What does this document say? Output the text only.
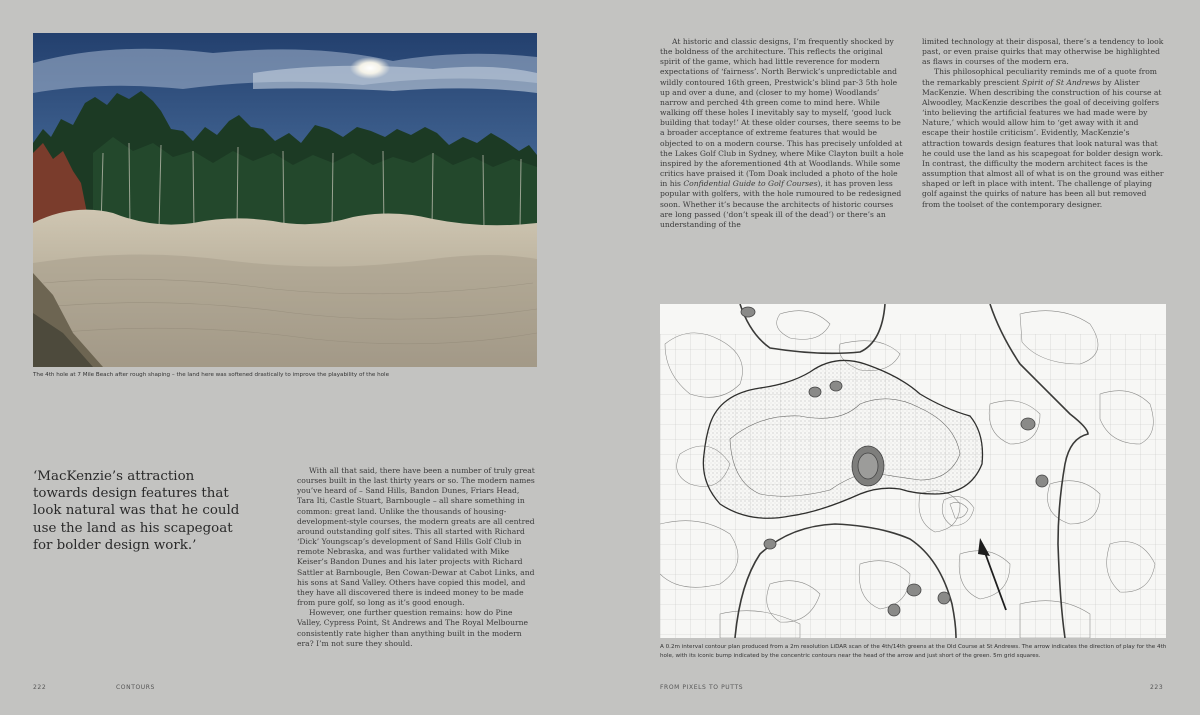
The 4th hole at 7 Mile Beach after rough shaping – the land here was softened drastically to improve the playability of the hole
‘MacKenzie’s attraction towards design features that look natural was that he could use the land as his scapegoat for bolder design work.’

With all that said, there have been a number of truly great courses built in the last thirty years or so. The modern names you’ve heard of – Sand Hills, Bandon Dunes, Friars Head, Tara Iti, Castle Stuart, Barnbougle – all share something in common: great land. Unlike the thousands of housing-development-style courses, the modern greats are all centred around outstanding golf sites. This all started with Richard ‘Dick’ Youngscap’s development of Sand Hills Golf Club in remote Nebraska, and was further validated with Mike Keiser’s Bandon Dunes and his later projects with Richard Sattler at Barnbougle, Ben Cowan-Dewar at Cabot Links, and his sons at Sand Valley. Others have copied this model, and they have all discovered there is indeed money to be made from pure golf, so long as it’s good enough.

However, one further question remains: how do Pine Valley, Cypress Point, St Andrews and The Royal Melbourne consistently rate higher than anything built in the modern era? I’m not sure they should.

222	CONTOURS

At historic and classic designs, I’m frequently shocked by the boldness of the architecture. This reflects the original spirit of the game, which had little reverence for modern expectations of ‘fairness’. North Berwick’s unpredictable and wildly contoured 16th green, Prestwick’s blind par-3 5th hole up and over a dune, and (closer to my home) Woodlands’ narrow and perched 4th green come to mind here. While walking off these holes I inevitably say to myself, ‘good luck building that today!’ At these older courses, there seems to be a broader acceptance of extreme features that would be objected to on a modern course. This has precisely unfolded at the Lakes Golf Club in Sydney, where Mike Clayton built a hole inspired by the aforementioned 4th at Woodlands. While some critics have praised it (Tom Doak included a photo of the hole in his Confidential Guide to Golf Courses), it has proven less popular with golfers, with the hole rumoured to be redesigned soon. Whether it’s because the architects of historic courses are long passed (‘don’t speak ill of the dead’) or there’s an understanding of the

limited technology at their disposal, there’s a tendency to look past, or even praise quirks that may otherwise be highlighted as flaws in courses of the modern era.

This philosophical peculiarity reminds me of a quote from the remarkably prescient Spirit of St Andrews by Alister MacKenzie. When describing the construction of his course at Alwoodley, MacKenzie describes the goal of deceiving golfers ‘into believing the artificial features we had made were by Nature,’ which would allow him to ‘get away with it and escape their hostile criticism’. Evidently, MacKenzie’s attraction towards design features that look natural was that he could use the land as his scapegoat for bolder design work. In contrast, the difficulty the modern architect faces is the assumption that almost all of what is on the ground was either shaped or left in place with intent. The challenge of playing golf against the quirks of nature has been all but removed from the toolset of the contemporary designer.

A 0.2m interval contour plan produced from a 2m resolution LiDAR scan of the 4th/14th greens at the Old Course at St Andrews. The arrow indicates the direction of play for the 4th
hole, with its iconic bump indicated by the concentric contours near the head of the arrow and just short of the green. 5m grid squares.
FROM PIXELS TO PUTTS	223
